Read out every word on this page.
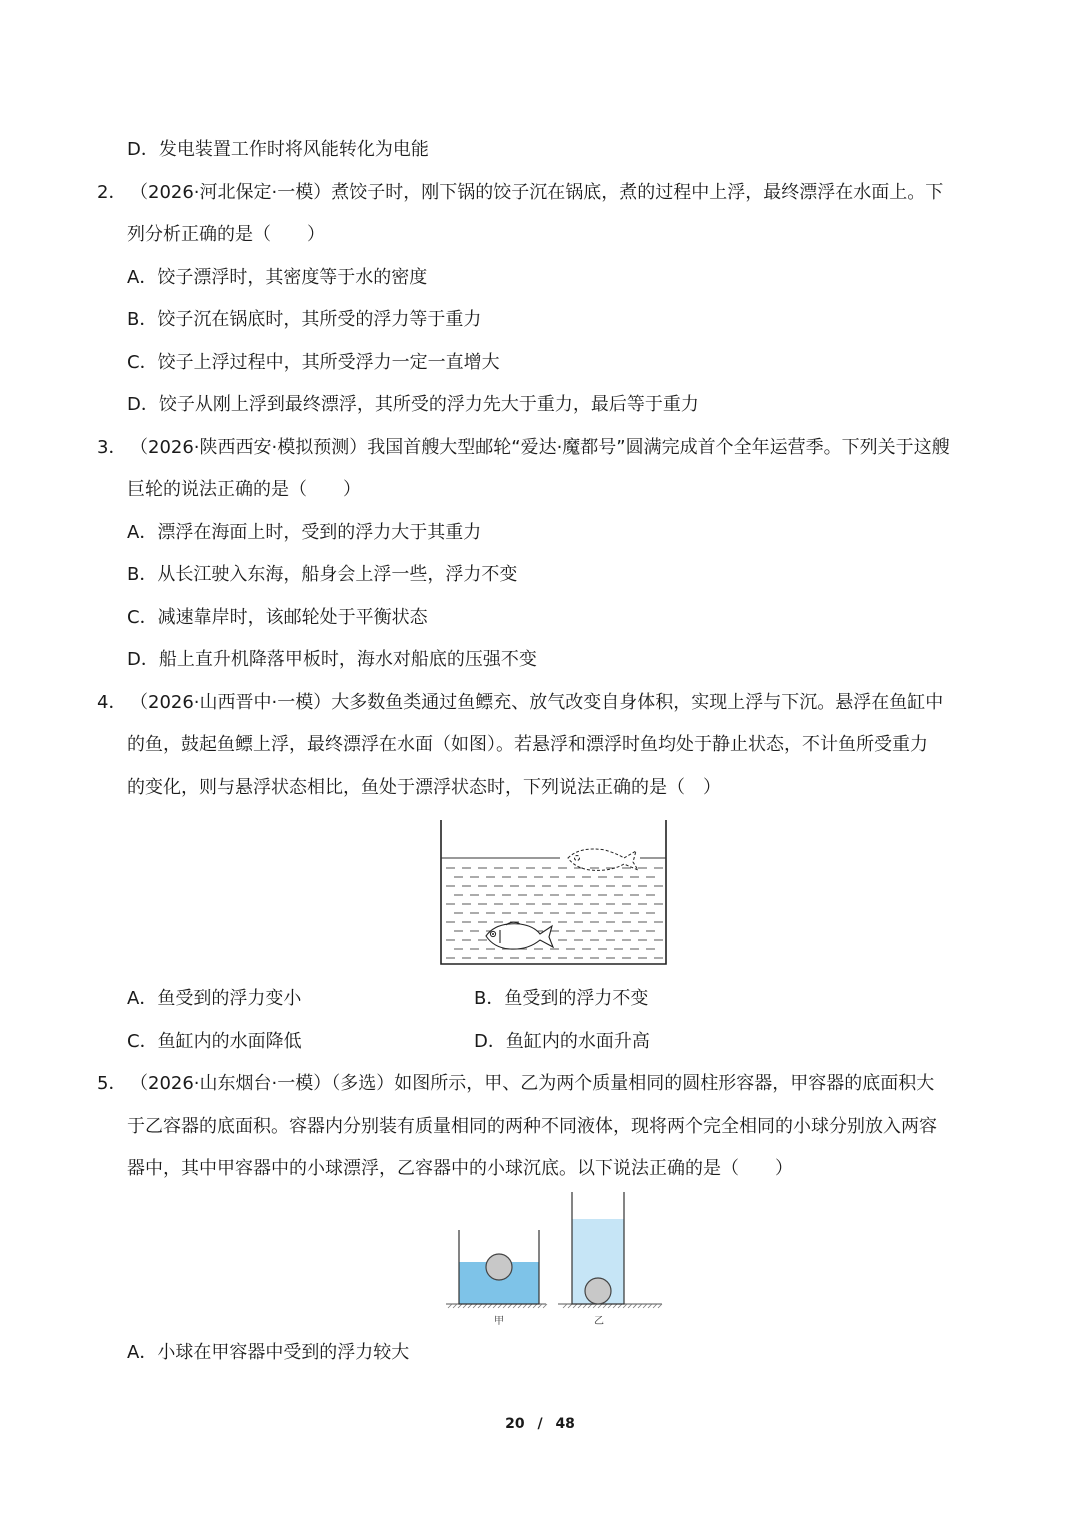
D．发电装置工作时将风能转化为电能
2． （2026·河北保定·一模）煮饺子时，刚下锅的饺子沉在锅底，煮的过程中上浮，最终漂浮在水面上。下
列分析正确的是（　　）
A．饺子漂浮时，其密度等于水的密度
B．饺子沉在锅底时，其所受的浮力等于重力
C．饺子上浮过程中，其所受浮力一定一直增大
D．饺子从刚上浮到最终漂浮，其所受的浮力先大于重力，最后等于重力
3． （2026·陕西西安·模拟预测）我国首艘大型邮轮“爱达·魔都号”圆满完成首个全年运营季。下列关于这艘
巨轮的说法正确的是（　　）
A．漂浮在海面上时，受到的浮力大于其重力
B．从长江驶入东海，船身会上浮一些，浮力不变
C．减速靠岸时，该邮轮处于平衡状态
D．船上直升机降落甲板时，海水对船底的压强不变
4． （2026·山西晋中·一模）大多数鱼类通过鱼鳔充、放气改变自身体积，实现上浮与下沉。悬浮在鱼缸中
的鱼，鼓起鱼鳔上浮，最终漂浮在水面（如图）。若悬浮和漂浮时鱼均处于静止状态，不计鱼所受重力
的变化，则与悬浮状态相比，鱼处于漂浮状态时，下列说法正确的是（　）
A．鱼受到的浮力变小	B．鱼受到的浮力不变
C．鱼缸内的水面降低	D．鱼缸内的水面升高
5． （2026·山东烟台·一模）（多选）如图所示，甲、乙为两个质量相同的圆柱形容器，甲容器的底面积大
于乙容器的底面积。容器内分别装有质量相同的两种不同液体，现将两个完全相同的小球分别放入两容
器中，其中甲容器中的小球漂浮，乙容器中的小球沉底。以下说法正确的是（　　）
甲	乙
A．小球在甲容器中受到的浮力较大
20 / 48
